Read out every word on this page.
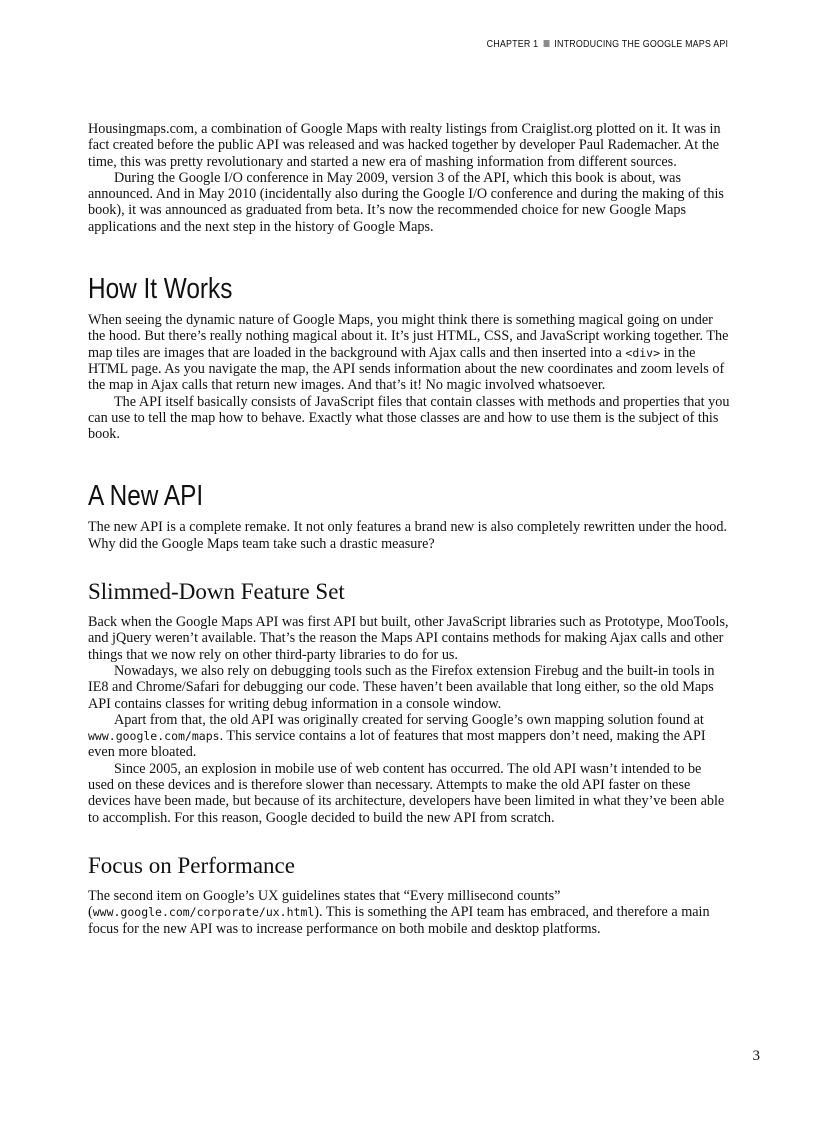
CHAPTER 1 INTRODUCING THE GOOGLE MAPS API

Housingmaps.com, a combination of Google Maps with realty listings from Craiglist.org plotted on it. It was in fact created before the public API was released and was hacked together by developer Paul Rademacher. At the time, this was pretty revolutionary and started a new era of mashing information from different sources.

During the Google I/O conference in May 2009, version 3 of the API, which this book is about, was announced. And in May 2010 (incidentally also during the Google I/O conference and during the making of this book), it was announced as graduated from beta. It’s now the recommended choice for new Google Maps applications and the next step in the history of Google Maps.

How It Works

When seeing the dynamic nature of Google Maps, you might think there is something magical going on under the hood. But there’s really nothing magical about it. It’s just HTML, CSS, and JavaScript working together. The map tiles are images that are loaded in the background with Ajax calls and then inserted into a <div> in the HTML page. As you navigate the map, the API sends information about the new coordinates and zoom levels of the map in Ajax calls that return new images. And that’s it! No magic involved whatsoever.

The API itself basically consists of JavaScript files that contain classes with methods and properties that you can use to tell the map how to behave. Exactly what those classes are and how to use them is the subject of this book.

A New API

The new API is a complete remake. It not only features a brand new is also completely rewritten under the hood. Why did the Google Maps team take such a drastic measure?

Slimmed-Down Feature Set

Back when the Google Maps API was first API but built, other JavaScript libraries such as Prototype, MooTools, and jQuery weren’t available. That’s the reason the Maps API contains methods for making Ajax calls and other things that we now rely on other third-party libraries to do for us.

Nowadays, we also rely on debugging tools such as the Firefox extension Firebug and the built-in tools in IE8 and Chrome/Safari for debugging our code. These haven’t been available that long either, so the old Maps API contains classes for writing debug information in a console window.

Apart from that, the old API was originally created for serving Google’s own mapping solution found at www.google.com/maps. This service contains a lot of features that most mappers don’t need, making the API even more bloated.

Since 2005, an explosion in mobile use of web content has occurred. The old API wasn’t intended to be used on these devices and is therefore slower than necessary. Attempts to make the old API faster on these devices have been made, but because of its architecture, developers have been limited in what they’ve been able to accomplish. For this reason, Google decided to build the new API from scratch.

Focus on Performance

The second item on Google’s UX guidelines states that “Every millisecond counts” (www.google.com/corporate/ux.html). This is something the API team has embraced, and therefore a main focus for the new API was to increase performance on both mobile and desktop platforms.

3
